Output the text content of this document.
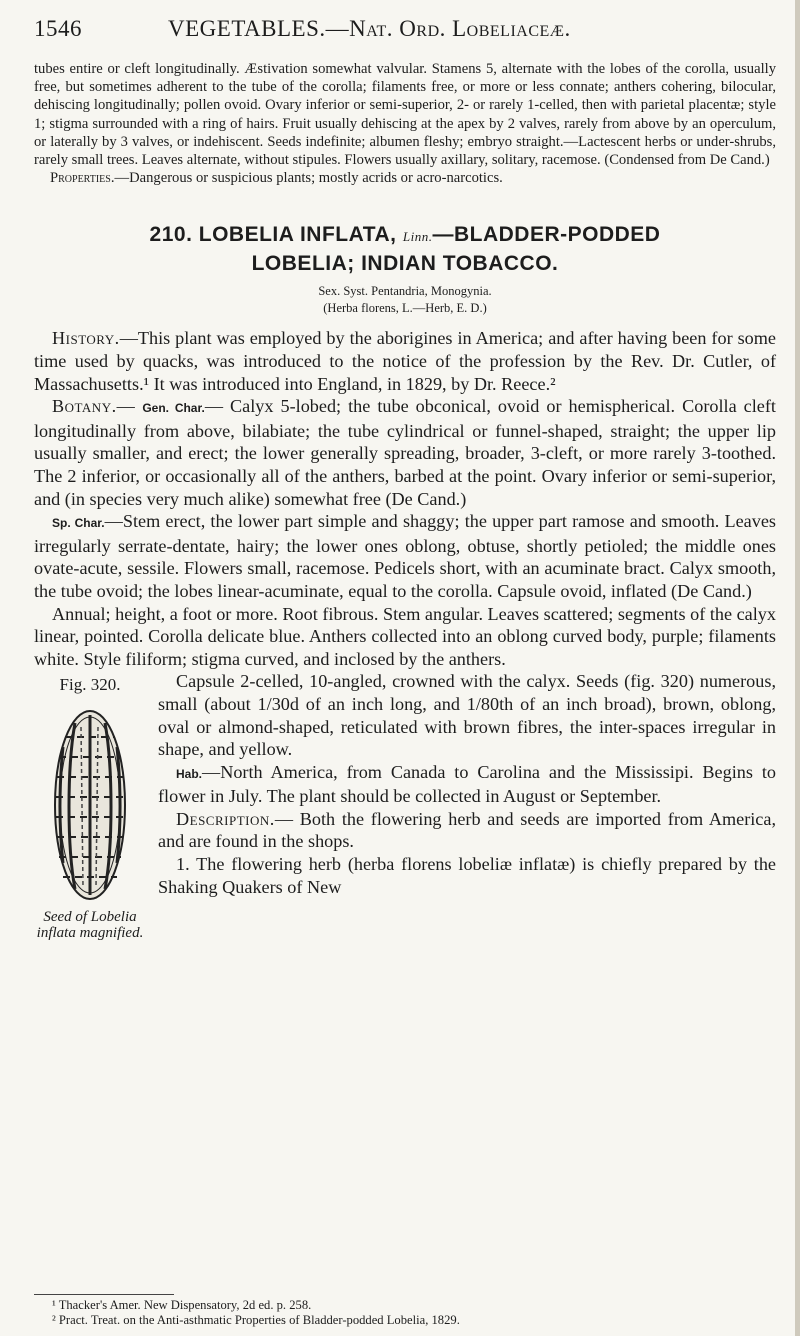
1546	VEGETABLES.—Nat. Ord. Lobeliaceæ.

tubes entire or cleft longitudinally. Æstivation somewhat valvular. Stamens 5, alternate with the lobes of the corolla, usually free, but sometimes adherent to the tube of the corolla; filaments free, or more or less connate; anthers cohering, bilocular, dehiscing longitudinally; pollen ovoid. Ovary inferior or semi-superior, 2- or rarely 1-celled, then with parietal placentæ; style 1; stigma surrounded with a ring of hairs. Fruit usually dehiscing at the apex by 2 valves, rarely from above by an operculum, or laterally by 3 valves, or indehiscent. Seeds indefinite; albumen fleshy; embryo straight.—Lactescent herbs or under-shrubs, rarely small trees. Leaves alternate, without stipules. Flowers usually axillary, solitary, racemose. (Condensed from De Cand.)

Properties.—Dangerous or suspicious plants; mostly acrids or acro-narcotics.

210. LOBELIA INFLATA, Linn.—BLADDER-PODDED
LOBELIA; INDIAN TOBACCO.
Sex. Syst. Pentandria, Monogynia.
(Herba florens, L.—Herb, E. D.)

History.—This plant was employed by the aborigines in America; and after having been for some time used by quacks, was introduced to the notice of the profession by the Rev. Dr. Cutler, of Massachusetts.¹ It was introduced into England, in 1829, by Dr. Reece.²

Botany.— Gen. Char.— Calyx 5-lobed; the tube obconical, ovoid or hemispherical. Corolla cleft longitudinally from above, bilabiate; the tube cylindrical or funnel-shaped, straight; the upper lip usually smaller, and erect; the lower generally spreading, broader, 3-cleft, or more rarely 3-toothed. The 2 inferior, or occasionally all of the anthers, barbed at the point. Ovary inferior or semi-superior, and (in species very much alike) somewhat free (De Cand.)

Sp. Char.—Stem erect, the lower part simple and shaggy; the upper part ramose and smooth. Leaves irregularly serrate-dentate, hairy; the lower ones oblong, obtuse, shortly petioled; the middle ones ovate-acute, sessile. Flowers small, racemose. Pedicels short, with an acuminate bract. Calyx smooth, the tube ovoid; the lobes linear-acuminate, equal to the corolla. Capsule ovoid, inflated (De Cand.)

Annual; height, a foot or more. Root fibrous. Stem angular. Leaves scattered; segments of the calyx linear, pointed. Corolla delicate blue. Anthers collected into an oblong curved body, purple; filaments white. Style filiform; stigma curved, and inclosed by the anthers.

Fig. 320.
Seed of Lobelia inflata magnified.

Capsule 2-celled, 10-angled, crowned with the calyx. Seeds (fig. 320) numerous, small (about 1/30d of an inch long, and 1/80th of an inch broad), brown, oblong, oval or almond-shaped, reticulated with brown fibres, the inter-spaces irregular in shape, and yellow.

Hab.—North America, from Canada to Carolina and the Mississipi. Begins to flower in July. The plant should be collected in August or September.

Description.— Both the flowering herb and seeds are imported from America, and are found in the shops.

1. The flowering herb (herba florens lobeliæ inflatæ) is chiefly prepared by the Shaking Quakers of New

¹ Thacker's Amer. New Dispensatory, 2d ed. p. 258.

² Pract. Treat. on the Anti-asthmatic Properties of Bladder-podded Lobelia, 1829.
